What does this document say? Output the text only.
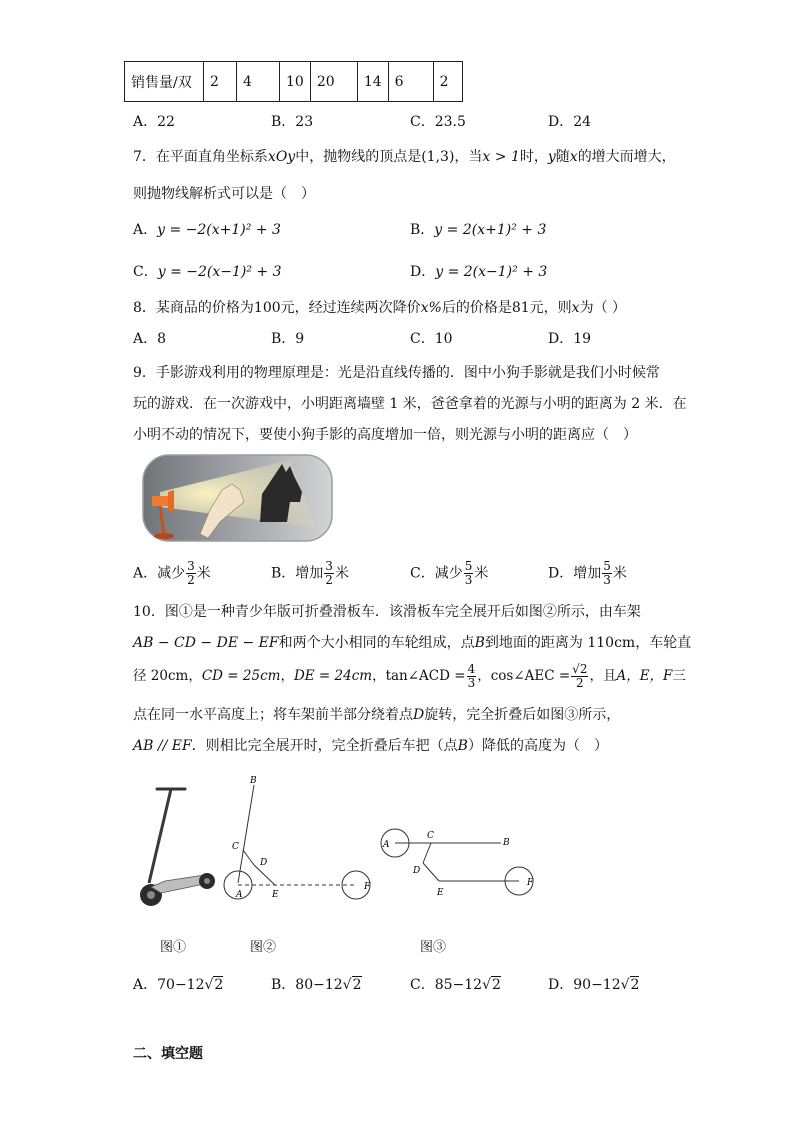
销售量/双	2	4	10	20	14	6	2
A．22	B．23	C．23.5	D．24
7．在平面直角坐标系xOy中，抛物线的顶点是(1,3)，当x > 1时，y随x的增大而增大，
则抛物线解析式可以是（　）
A．y = −2(x+1)² + 3	B．y = 2(x+1)² + 3
C．y = −2(x−1)² + 3	D．y = 2(x−1)² + 3
8．某商品的价格为100元，经过连续两次降价x%后的价格是81元，则x为（ ）
A．8	B．9	C．10	D．19
9．手影游戏利用的物理原理是：光是沿直线传播的．图中小狗手影就是我们小时候常
玩的游戏．在一次游戏中，小明距离墙壁 1 米，爸爸拿着的光源与小明的距离为 2 米．在
小明不动的情况下，要使小狗手影的高度增加一倍，则光源与小明的距离应（　）
A．减少 $\frac{3}{2}$ 米	B．增加 $\frac{3}{2}$ 米	C．减少 $\frac{5}{3}$ 米	D．增加 $\frac{5}{3}$ 米
10．图①是一种青少年版可折叠滑板车．该滑板车完全展开后如图②所示，由车架
AB − CD − DE − EF和两个大小相同的车轮组成，点B到地面的距离为 110cm，车轮直
径 20cm，CD = 25cm，DE = 24cm，tan∠ACD = $\frac{4}{3}$ ，cos∠AEC = $\frac{√2}{2}$ ，且A，E，F三
点在同一水平高度上；将车架前半部分绕着点D旋转，完全折叠后如图③所示，
AB // EF．则相比完全展开时，完全折叠后车把（点B）降低的高度为（　）
B
C
D
A	E
F
A
C
B
D
E
F
图①	图②	图③
A．70−12√2	B．80−12√2	C．85−12√2	D．90−12√2
二、填空题
